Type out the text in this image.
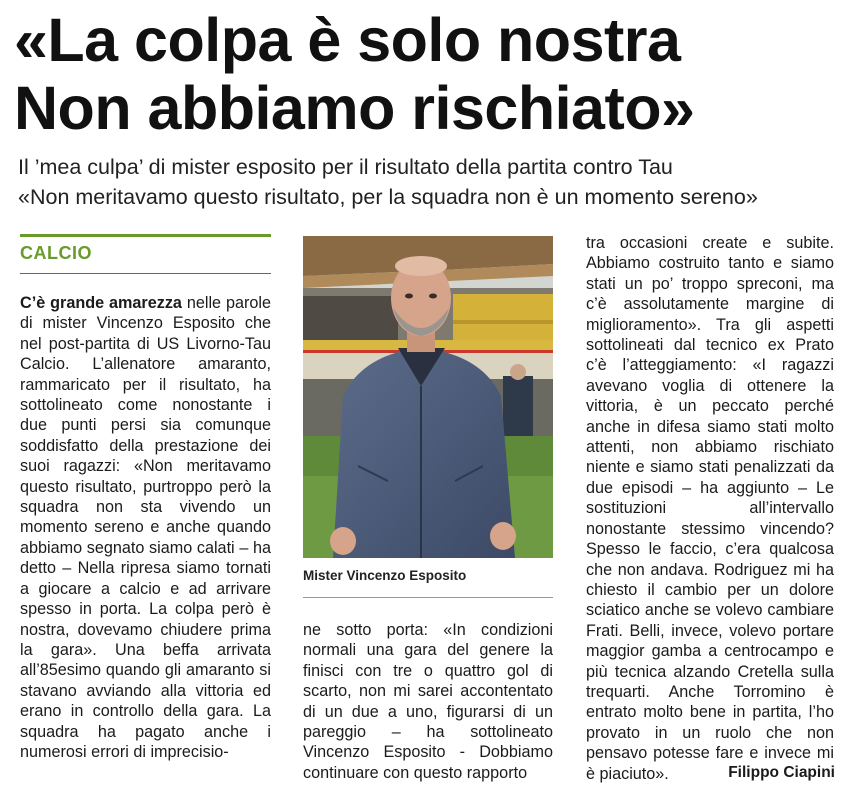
«La colpa è solo nostra
Non abbiamo rischiato»

Il ’mea culpa’ di mister esposito per il risultato della partita contro Tau
«Non meritavamo questo risultato, per la squadra non è un momento sereno»

CALCIO

C’è grande amarezza nelle parole di mister Vincenzo Esposito che nel post-partita di US Livorno-Tau Calcio. L’allenatore amaranto, rammaricato per il risultato, ha sottolineato come nonostante i due punti persi sia comunque soddisfatto della prestazione dei suoi ragazzi: «Non meritavamo questo risultato, purtroppo però la squadra non sta vivendo un momento sereno e anche quando abbiamo segnato siamo calati – ha detto – Nella ripresa siamo tornati a giocare a calcio e ad arrivare spesso in porta. La colpa però è nostra, dovevamo chiudere prima la gara». Una beffa arrivata all’85esimo quando gli amaranto si stavano avviando alla vittoria ed erano in controllo della gara. La squadra ha pagato anche i numerosi errori di imprecisio-

Mister Vincenzo Esposito

ne sotto porta: «In condizioni normali una gara del genere la finisci con tre o quattro gol di scarto, non mi sarei accontentato di un due a uno, figurarsi di un pareggio – ha sottolineato Vincenzo Esposito - Dobbiamo continuare con questo rapporto

tra occasioni create e subite. Abbiamo costruito tanto e siamo stati un po’ troppo spreconi, ma c’è assolutamente margine di miglioramento». Tra gli aspetti sottolineati dal tecnico ex Prato c’è l’atteggiamento: «I ragazzi avevano voglia di ottenere la vittoria, è un peccato perché anche in difesa siamo stati molto attenti, non abbiamo rischiato niente e siamo stati penalizzati da due episodi – ha aggiunto – Le sostituzioni all’intervallo nonostante stessimo vincendo? Spesso le faccio, c’era qualcosa che non andava. Rodriguez mi ha chiesto il cambio per un dolore sciatico anche se volevo cambiare Frati. Belli, invece, volevo portare maggior gamba a centrocampo e più tecnica alzando Cretella sulla trequarti. Anche Torromino è entrato molto bene in partita, l’ho provato in un ruolo che non pensavo potesse fare e invece mi è piaciuto».	Filippo Ciapini
